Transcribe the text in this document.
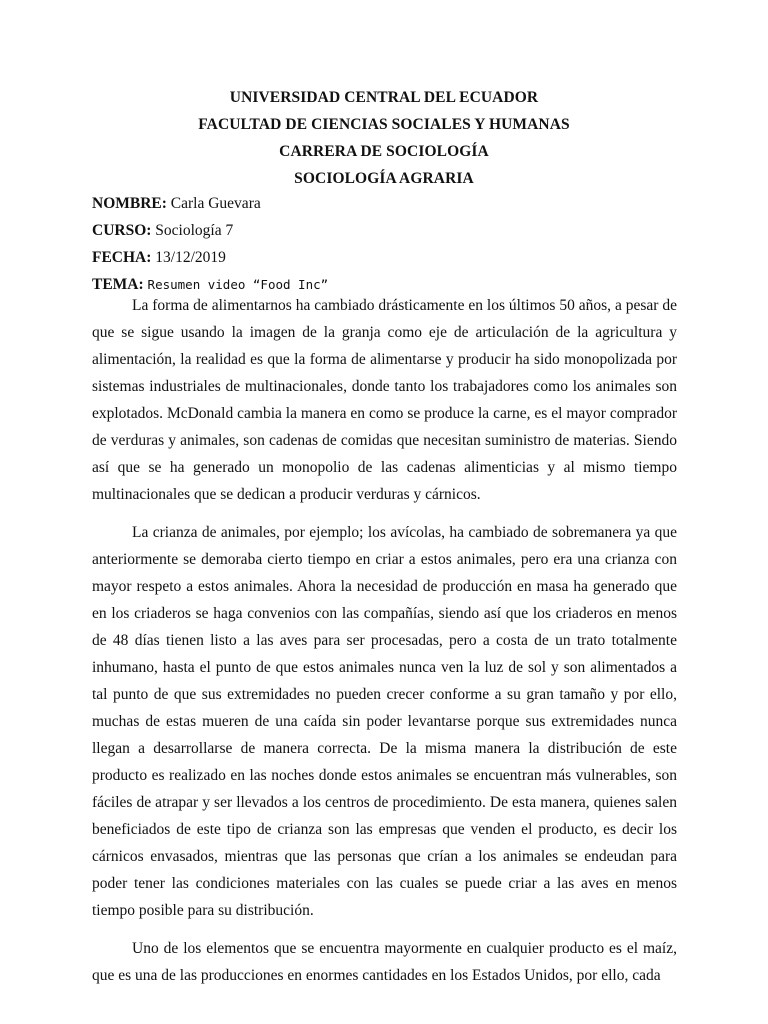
UNIVERSIDAD CENTRAL DEL ECUADOR
FACULTAD DE CIENCIAS SOCIALES Y HUMANAS
CARRERA DE SOCIOLOGÍA
SOCIOLOGÍA AGRARIA
NOMBRE: Carla Guevara
CURSO: Sociología 7
FECHA: 13/12/2019
TEMA: Resumen video “Food Inc”

La forma de alimentarnos ha cambiado drásticamente en los últimos 50 años, a pesar de que se sigue usando la imagen de la granja como eje de articulación de la agricultura y alimentación, la realidad es que la forma de alimentarse y producir ha sido monopolizada por sistemas industriales de multinacionales, donde tanto los trabajadores como los animales son explotados. McDonald cambia la manera en como se produce la carne, es el mayor comprador de verduras y animales, son cadenas de comidas que necesitan suministro de materias. Siendo así que se ha generado un monopolio de las cadenas alimenticias y al mismo tiempo multinacionales que se dedican a producir verduras y cárnicos.

La crianza de animales, por ejemplo; los avícolas, ha cambiado de sobremanera ya que anteriormente se demoraba cierto tiempo en criar a estos animales, pero era una crianza con mayor respeto a estos animales. Ahora la necesidad de producción en masa ha generado que en los criaderos se haga convenios con las compañías, siendo así que los criaderos en menos de 48 días tienen listo a las aves para ser procesadas, pero a costa de un trato totalmente inhumano, hasta el punto de que estos animales nunca ven la luz de sol y son alimentados a tal punto de que sus extremidades no pueden crecer conforme a su gran tamaño y por ello, muchas de estas mueren de una caída sin poder levantarse porque sus extremidades nunca llegan a desarrollarse de manera correcta. De la misma manera la distribución de este producto es realizado en las noches donde estos animales se encuentran más vulnerables, son fáciles de atrapar y ser llevados a los centros de procedimiento. De esta manera, quienes salen beneficiados de este tipo de crianza son las empresas que venden el producto, es decir los cárnicos envasados, mientras que las personas que crían a los animales se endeudan para poder tener las condiciones materiales con las cuales se puede criar a las aves en menos tiempo posible para su distribución.

Uno de los elementos que se encuentra mayormente en cualquier producto es el maíz, que es una de las producciones en enormes cantidades en los Estados Unidos, por ello, cada
